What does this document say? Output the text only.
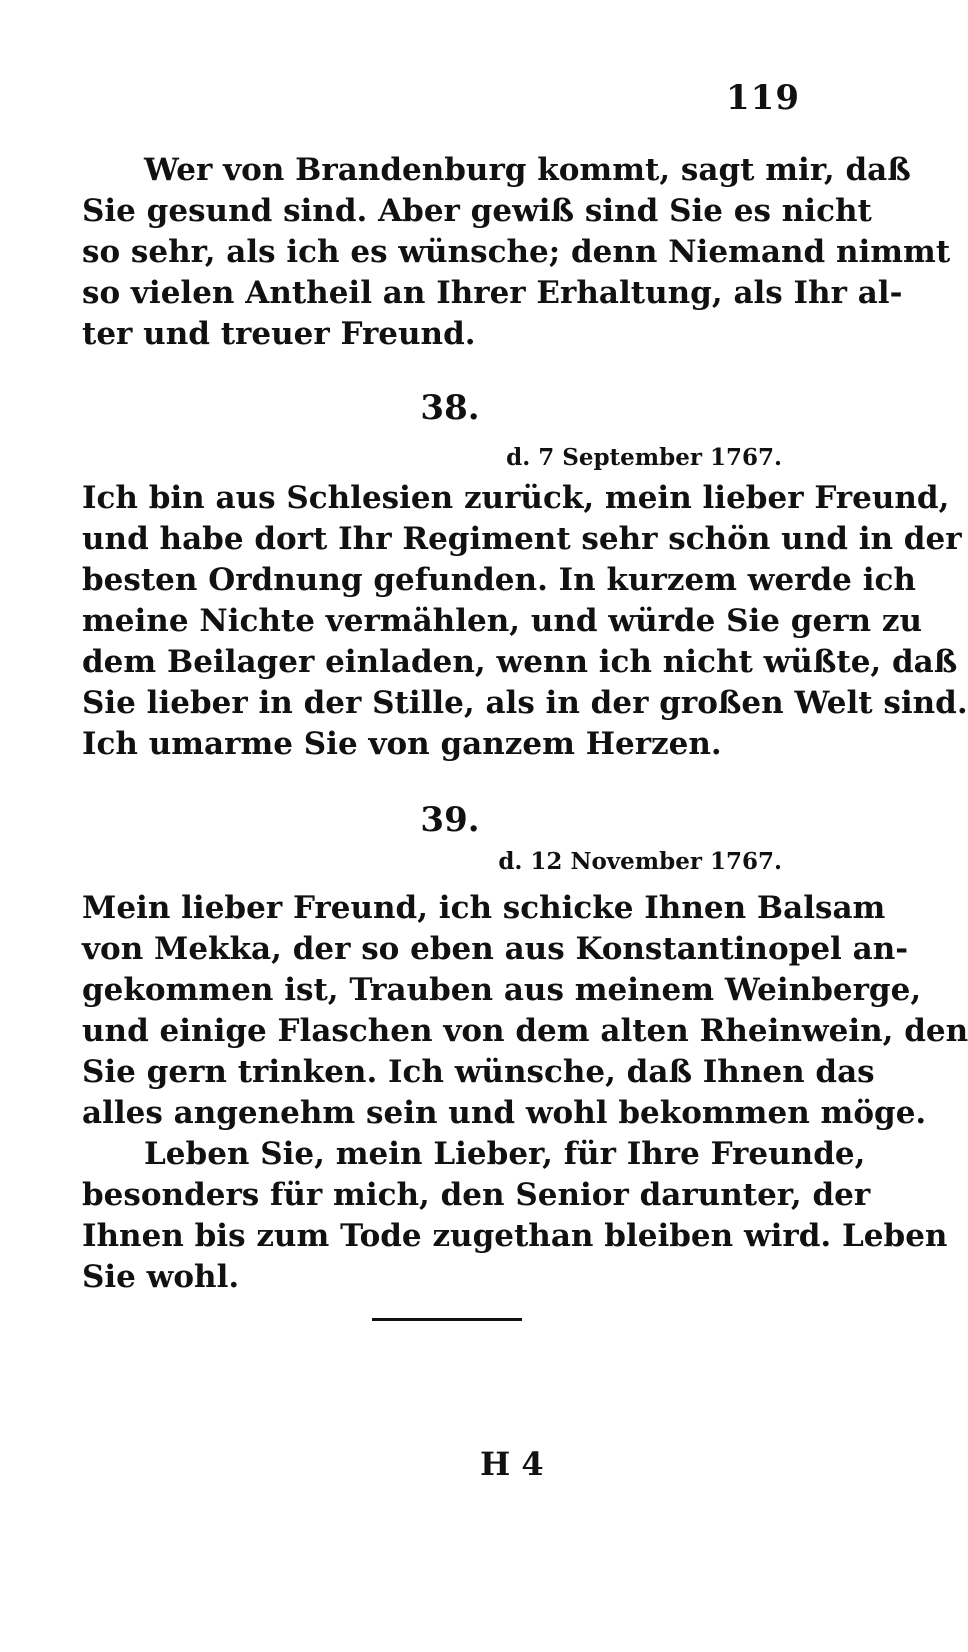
119
Wer von Brandenburg kommt, sagt mir, daß
Sie gesund sind. Aber gewiß sind Sie es nicht
so sehr, als ich es wünsche; denn Niemand nimmt
so vielen Antheil an Ihrer Erhaltung, als Ihr al-
ter und treuer Freund.
38.
d. 7 September 1767.
Ich bin aus Schlesien zurück, mein lieber Freund,
und habe dort Ihr Regiment sehr schön und in der
besten Ordnung gefunden. In kurzem werde ich
meine Nichte vermählen, und würde Sie gern zu
dem Beilager einladen, wenn ich nicht wüßte, daß
Sie lieber in der Stille, als in der großen Welt sind.
Ich umarme Sie von ganzem Herzen.
39.
d. 12 November 1767.
Mein lieber Freund, ich schicke Ihnen Balsam
von Mekka, der so eben aus Konstantinopel an-
gekommen ist, Trauben aus meinem Weinberge,
und einige Flaschen von dem alten Rheinwein, den
Sie gern trinken. Ich wünsche, daß Ihnen das
alles angenehm sein und wohl bekommen möge.
Leben Sie, mein Lieber, für Ihre Freunde,
besonders für mich, den Senior darunter, der
Ihnen bis zum Tode zugethan bleiben wird. Leben
Sie wohl.
H 4
